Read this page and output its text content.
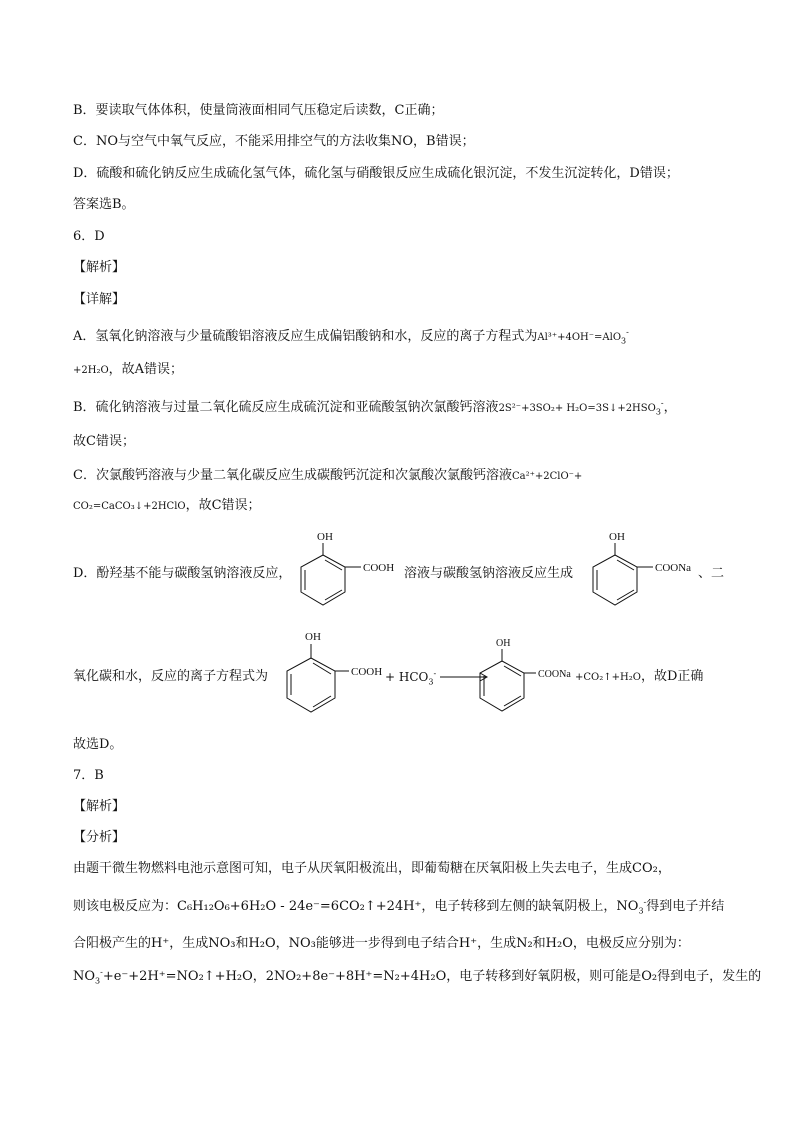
B．要读取气体体积，使量筒液面相同气压稳定后读数，C正确；
C．NO与空气中氧气反应，不能采用排空气的方法收集NO，B错误；
D．硫酸和硫化钠反应生成硫化氢气体，硫化氢与硝酸银反应生成硫化银沉淀，不发生沉淀转化，D错误；
答案选B。
6．D
【解析】
【详解】
A．氢氧化钠溶液与少量硫酸铝溶液反应生成偏铝酸钠和水，反应的离子方程式为Al³⁺+4OH⁻=AlO$_3$-
+2H₂O，故A错误；
B．硫化钠溶液与过量二氧化硫反应生成硫沉淀和亚硫酸氢钠次氯酸钙溶液$2S^{2-}+3SO_2+ H_2O=3S↓+2HSO_3^-$，
故C错误；
C．次氯酸钙溶液与少量二氧化碳反应生成碳酸钙沉淀和次氯酸次氯酸钙溶液Ca²⁺+2ClO⁻+
CO₂=CaCO₃↓+2HClO，故C错误；
D．酚羟基不能与碳酸氢钠溶液反应，
OH
COOH 溶液与碳酸氢钠溶液反应生成
OH
COONa 、二
氧化碳和水，反应的离子方程式为
OH
COOH + $HCO_3^-$ →
OH
COONa +CO₂↑+H₂O，故D正确
故选D。
7．B
【解析】
【分析】
由题干微生物燃料电池示意图可知，电子从厌氧阳极流出，即葡萄糖在厌氧阳极上失去电子，生成CO₂，
则该电极反应为：C₆H₁₂O₆+6H₂O - 24e⁻=6CO₂↑+24H⁺，电子转移到左侧的缺氧阴极上，$NO_3^-$得到电子并结
合阳极产生的H⁺，生成NO₃和H₂O，NO₃能够进一步得到电子结合H⁺，生成N₂和H₂O，电极反应分别为：
$NO_3^-+e^-+2H^+=NO_2↑+H_2O$，2NO₂+8e⁻+8H⁺=N₂+4H₂O，电子转移到好氧阴极，则可能是O₂得到电子，发生的
